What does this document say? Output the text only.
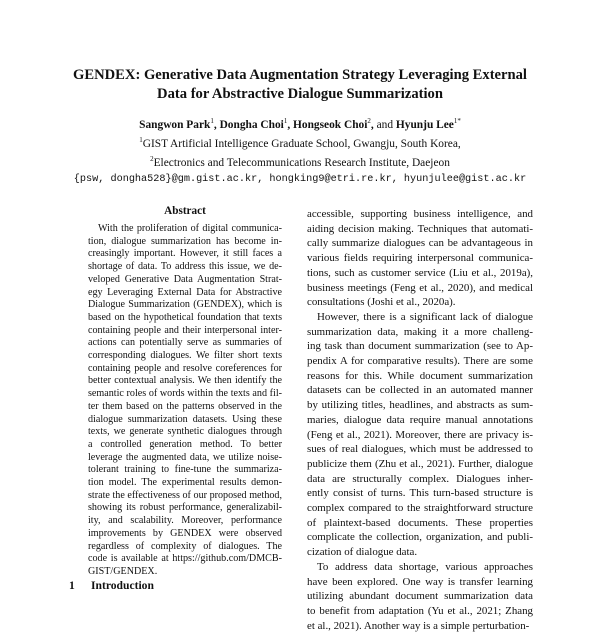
GENDEX: Generative Data Augmentation Strategy Leveraging External
Data for Abstractive Dialogue Summarization
Sangwon Park$^1$, Dongha Choi$^1$, Hongseok Choi$^2$, and Hyunju Lee$^{1*}$
$^1$GIST Artificial Intelligence Graduate School, Gwangju, South Korea,
$^2$Electronics and Telecommunications Research Institute, Daejeon
{psw, dongha528}@gm.gist.ac.kr, hongking9@etri.re.kr, hyunjulee@gist.ac.kr
Abstract
With the proliferation of digital communica-
tion, dialogue summarization has become in-
creasingly important. However, it still faces a
shortage of data. To address this issue, we de-
veloped Generative Data Augmentation Strat-
egy Leveraging External Data for Abstractive
Dialogue Summarization (GENDEX), which is
based on the hypothetical foundation that texts
containing people and their interpersonal inter-
actions can potentially serve as summaries of
corresponding dialogues. We filter short texts
containing people and resolve coreferences for
better contextual analysis. We then identify the
semantic roles of words within the texts and fil-
ter them based on the patterns observed in the
dialogue summarization datasets. Using these
texts, we generate synthetic dialogues through
a controlled generation method. To better
leverage the augmented data, we utilize noise-
tolerant training to fine-tune the summariza-
tion model. The experimental results demon-
strate the effectiveness of our proposed method,
showing its robust performance, generalizabil-
ity, and scalability. Moreover, performance
improvements by GENDEX were observed
regardless of complexity of dialogues. The
code is available at https://github.com/DMCB-
GIST/GENDEX.
accessible, supporting business intelligence, and
aiding decision making. Techniques that automati-
cally summarize dialogues can be advantageous in
various fields requiring interpersonal communica-
tions, such as customer service (Liu et al., 2019a),
business meetings (Feng et al., 2020), and medical
consultations (Joshi et al., 2020a).
However, there is a significant lack of dialogue
summarization data, making it a more challeng-
ing task than document summarization (see to Ap-
pendix A for comparative results). There are some
reasons for this. While document summarization
datasets can be collected in an automated manner
by utilizing titles, headlines, and abstracts as sum-
maries, dialogue data require manual annotations
(Feng et al., 2021). Moreover, there are privacy is-
sues of real dialogues, which must be addressed to
publicize them (Zhu et al., 2021). Further, dialogue
data are structurally complex. Dialogues inher-
ently consist of turns. This turn-based structure is
complex compared to the straightforward structure
of plaintext-based documents. These properties
complicate the collection, organization, and publi-
cization of dialogue data.
To address data shortage, various approaches
have been explored. One way is transfer learning
utilizing abundant document summarization data
to benefit from adaptation (Yu et al., 2021; Zhang
et al., 2021). Another way is a simple perturbation-
1 Introduction
